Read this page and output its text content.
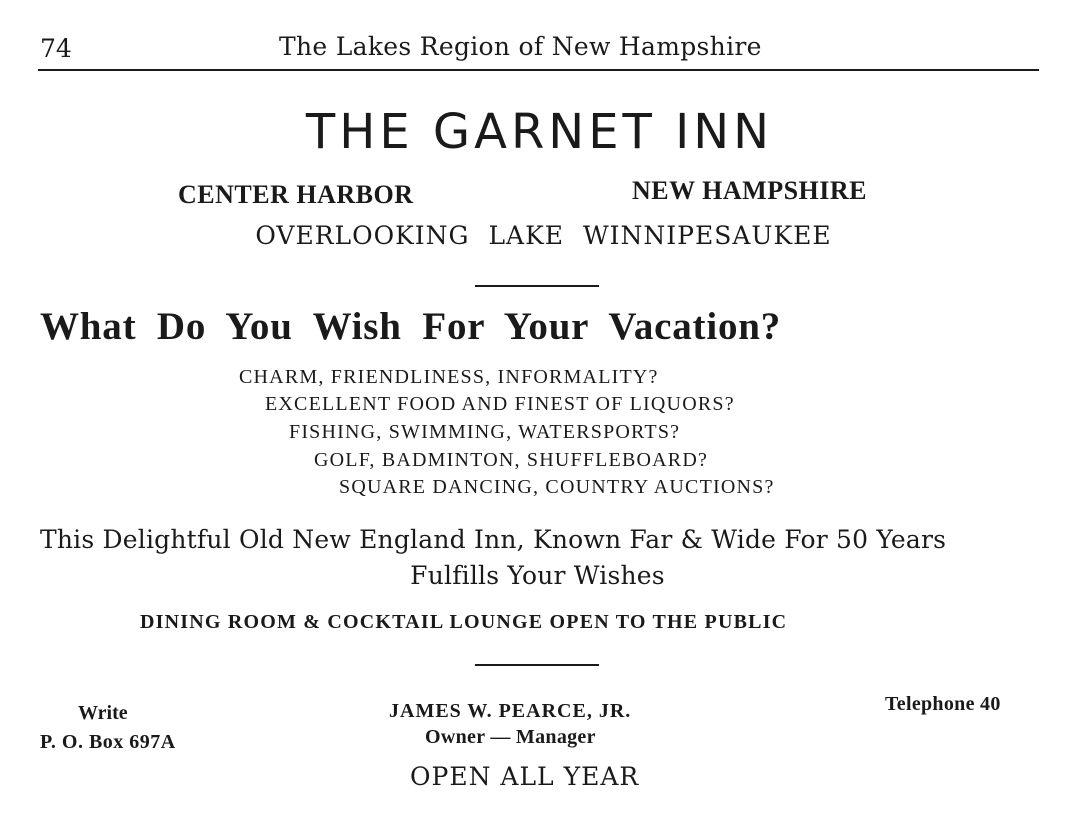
74	The Lakes Region of New Hampshire
THE GARNET INN
CENTER HARBOR	NEW HAMPSHIRE
OVERLOOKING LAKE WINNIPESAUKEE
What Do You Wish For Your Vacation?
CHARM, FRIENDLINESS, INFORMALITY?
EXCELLENT FOOD AND FINEST OF LIQUORS?
FISHING, SWIMMING, WATERSPORTS?
GOLF, BADMINTON, SHUFFLEBOARD?
SQUARE DANCING, COUNTRY AUCTIONS?
This Delightful Old New England Inn, Known Far & Wide For 50 Years
Fulfills Your Wishes
DINING ROOM & COCKTAIL LOUNGE OPEN TO THE PUBLIC
Write
P. O. Box 697A
JAMES W. PEARCE, JR.
Owner — Manager
Telephone 40
OPEN ALL YEAR
